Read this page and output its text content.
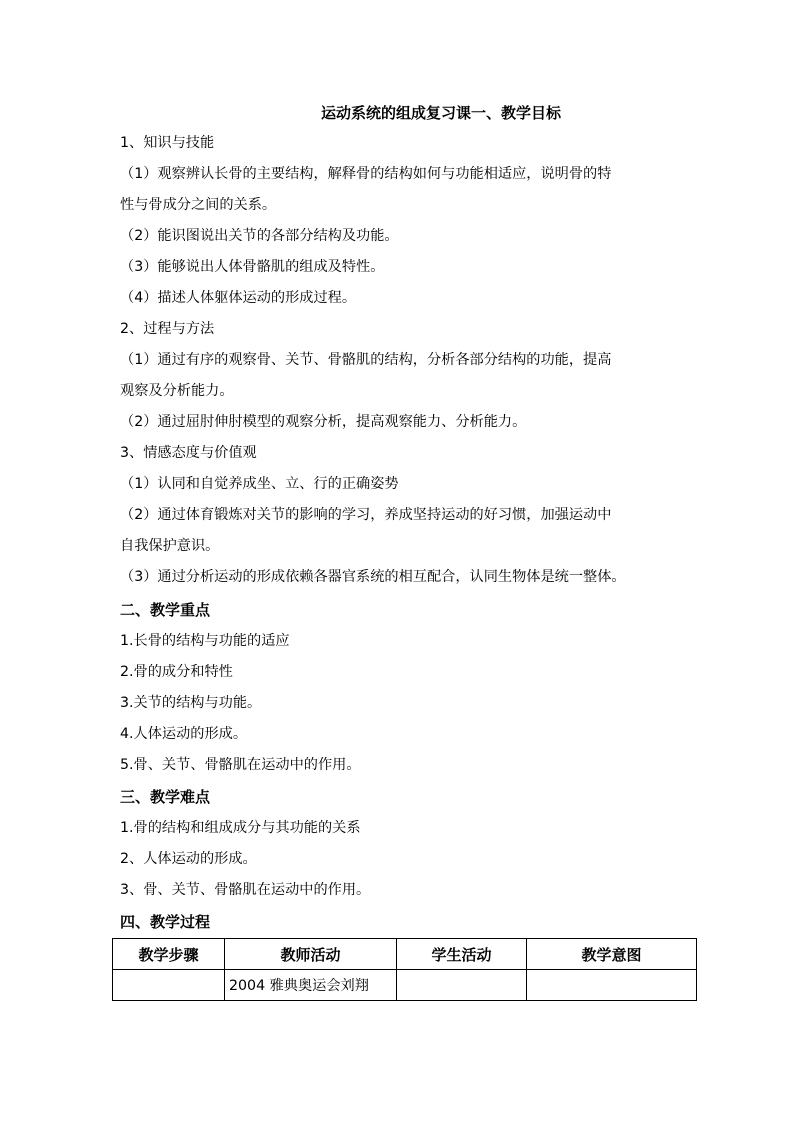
运动系统的组成复习课一、教学目标
1、知识与技能
（1）观察辨认长骨的主要结构，解释骨的结构如何与功能相适应，说明骨的特
性与骨成分之间的关系。
（2）能识图说出关节的各部分结构及功能。
（3）能够说出人体骨骼肌的组成及特性。
（4）描述人体躯体运动的形成过程。
2、过程与方法
（1）通过有序的观察骨、关节、骨骼肌的结构，分析各部分结构的功能，提高
观察及分析能力。
（2）通过屈肘伸肘模型的观察分析，提高观察能力、分析能力。
3、情感态度与价值观
（1）认同和自觉养成坐、立、行的正确姿势
（2）通过体育锻炼对关节的影响的学习，养成坚持运动的好习惯，加强运动中
自我保护意识。
（3）通过分析运动的形成依赖各器官系统的相互配合，认同生物体是统一整体。
二、教学重点
1.长骨的结构与功能的适应
2.骨的成分和特性
3.关节的结构与功能。
4.人体运动的形成。
5.骨、关节、骨骼肌在运动中的作用。
三、教学难点
1.骨的结构和组成成分与其功能的关系
2、人体运动的形成。
3、骨、关节、骨骼肌在运动中的作用。
四、教学过程
教学步骤	教师活动	学生活动	教学意图
	2004 雅典奥运会刘翔		
